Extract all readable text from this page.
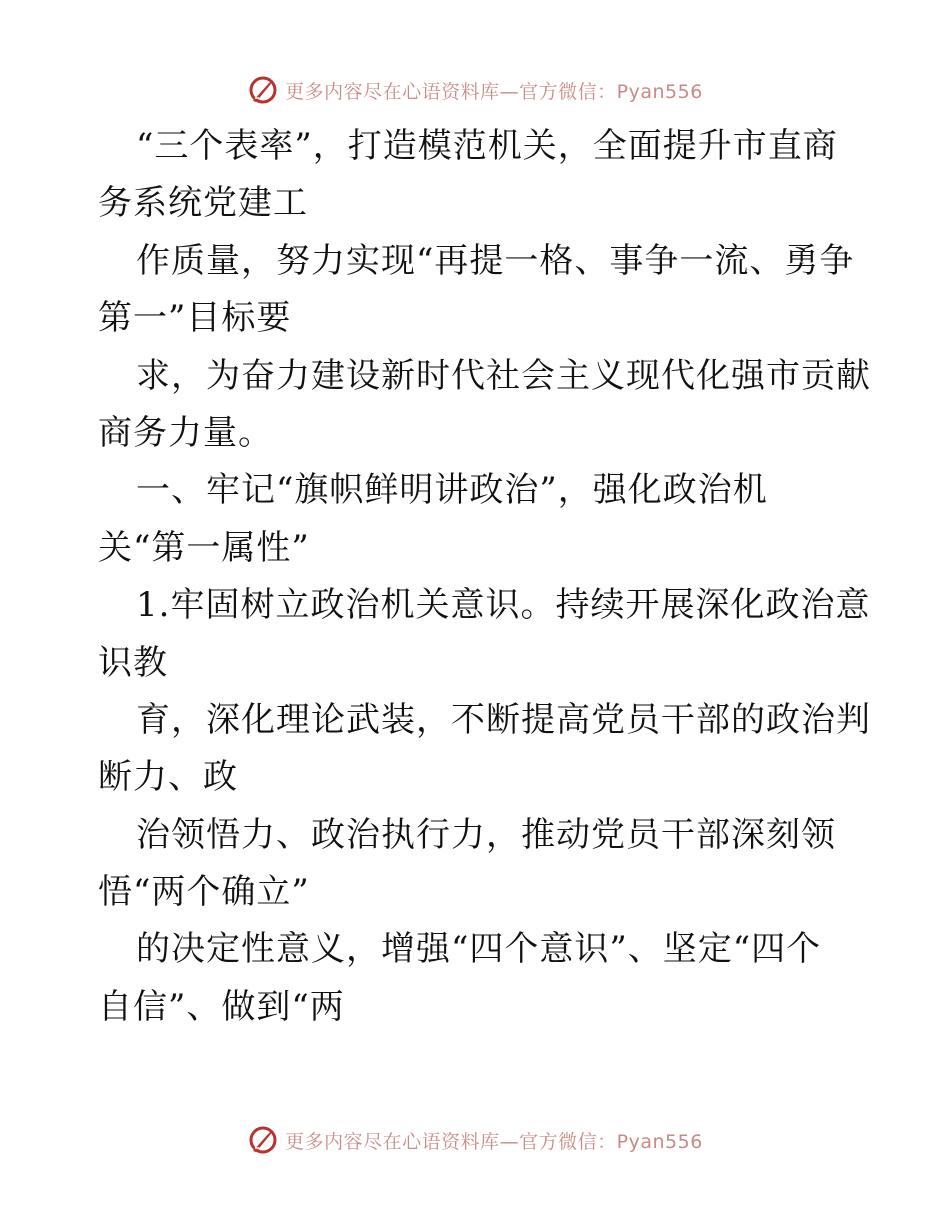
更多内容尽在心语资料库—官方微信：Pyan556
“三个表率”，打造模范机关，全面提升市直商
务系统党建工
作质量，努力实现“再提一格、事争一流、勇争
第一”目标要
求，为奋力建设新时代社会主义现代化强市贡献
商务力量。
一、牢记“旗帜鲜明讲政治”，强化政治机
关“第一属性”
1.牢固树立政治机关意识。持续开展深化政治意
识教
育，深化理论武装，不断提高党员干部的政治判
断力、政
治领悟力、政治执行力，推动党员干部深刻领
悟“两个确立”
的决定性意义，增强“四个意识”、坚定“四个
自信”、做到“两
更多内容尽在心语资料库—官方微信：Pyan556
